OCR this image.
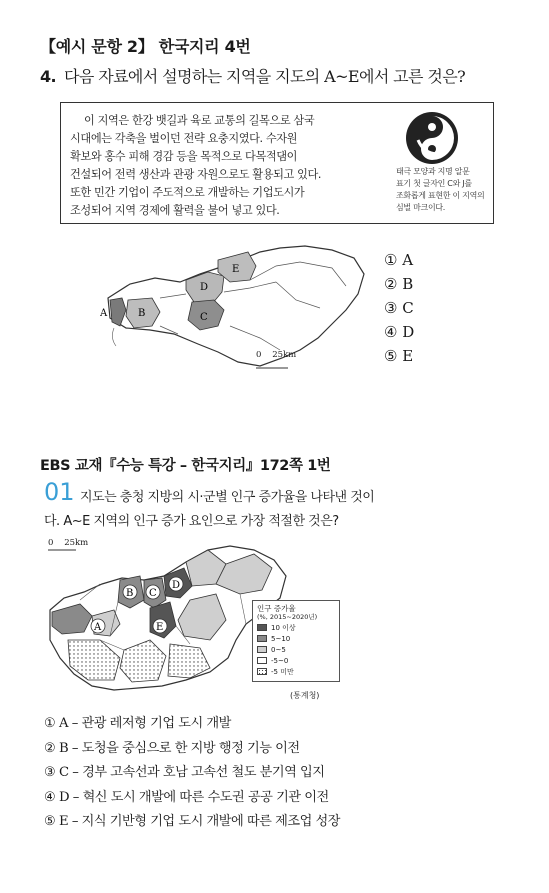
【예시 문항 2】 한국지리 4번
4. 다음 자료에서 설명하는 지역을 지도의 A~E에서 고른 것은?
이 지역은 한강 뱃길과 육로 교통의 길목으로 삼국
시대에는 각축을 벌이던 전략 요충지였다. 수자원
확보와 홍수 피해 경감 등을 목적으로 다목적댐이
건설되어 전력 생산과 관광 자원으로도 활용되고 있다.
또한 민간 기업이 주도적으로 개발하는 기업도시가
조성되어 지역 경제에 활력을 불어 넣고 있다.
태극 모양과 지명 알문
표기 첫 글자인 C와 J를
조화롭게 표현한 이 지역의
심벌 마크이다.
A	B	C
D
E
0    25km
① A
② B
③ C
④ D
⑤ E
EBS 교재『수능 특강 – 한국지리』172쪽 1번
01 지도는 충청 지방의 시·군별 인구 증가율을 나타낸 것이
다. A~E 지역의 인구 증가 요인으로 가장 적절한 것은?
0    25km
A
B C
D
E
인구 증가율
(%, 2015~2020년)
10 이상
5~10
0~5
-5~0
-5 미만
(통계청)
① A – 관광 레저형 기업 도시 개발
② B – 도청을 중심으로 한 지방 행정 기능 이전
③ C – 경부 고속선과 호남 고속선 철도 분기역 입지
④ D – 혁신 도시 개발에 따른 수도권 공공 기관 이전
⑤ E – 지식 기반형 기업 도시 개발에 따른 제조업 성장
